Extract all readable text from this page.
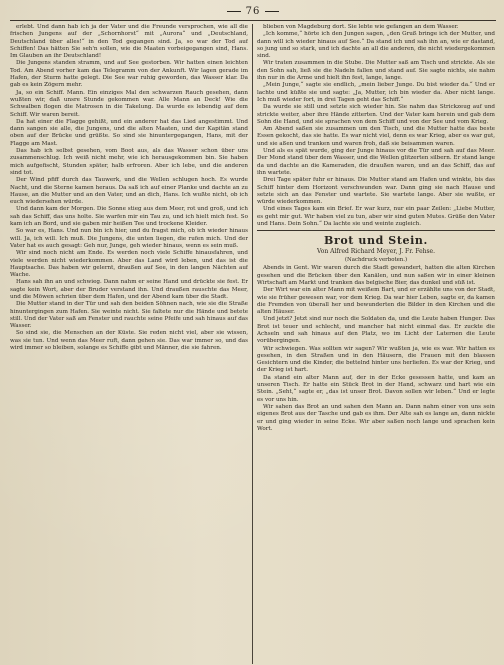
76

erlebt. Und dann hab ich ja der Vater und die Freunde versprochen, wie all die frischen Jungens auf der „Schornhorst“ mit „Aurora“ und „Deutschland, Deutschland über alles!“ in den Tod gegangen sind. Ja, so war der Tod auf Schiffen! Das hätten Sie seh'n sollen, wie die Maaten vorbeigegangen sind, Hans. Im Glauben an ihr Deutschland!

Die Jungens standen stramm, und auf See gestorben. Wir hatten einen leichten Tod. Am Abend vorher kam das Telegramm von der Ankunft. Wir lagen gerade im Hafen, der Sturm hatte gelegt. Die See war ruhig geworden, das Wasser klar. Da gab es kein Zögern mehr.

Ja, so ein Schiff. Mann. Ein einziges Mal den schwarzen Rauch gesehen, dann wußten wir, daß unsre Stunde gekommen war. Alle Mann an Deck! Wie die Schwalben flogen die Matrosen in die Takelung. Da wurde es lebendig auf dem Schiff. Wir waren bereit.

Da hat einer die Flagge gehißt, und ein anderer hat das Lied angestimmt. Und dann sangen sie alle, die Jungens, und die alten Maaten, und der Kapitän stand oben auf der Brücke und grüßte. So sind sie hinuntergegangen, Hans, mit der Flagge am Mast.

Das hab ich selbst gesehen, vom Boot aus, als das Wasser schon über uns zusammenschlug. Ich weiß nicht mehr, wie ich herausgekommen bin. Sie haben mich aufgefischt, Stunden später, halb erfroren. Aber ich lebe, und die anderen sind tot.

Der Wind pfiff durch das Tauwerk, und die Wellen schlugen hoch. Es wurde Nacht, und die Sterne kamen heraus. Da saß ich auf einer Planke und dachte an zu Hause, an die Mutter und an den Vater, und an dich, Hans. Ich wußte nicht, ob ich euch wiedersehen würde.

Und dann kam der Morgen. Die Sonne stieg aus dem Meer, rot und groß, und ich sah das Schiff, das uns holte. Sie warfen mir ein Tau zu, und ich hielt mich fest. So kam ich an Bord, und sie gaben mir heißen Tee und trockene Kleider.

So war es, Hans. Und nun bin ich hier, und du fragst mich, ob ich wieder hinaus will. Ja, ich will. Ich muß. Die Jungens, die unten liegen, die rufen mich. Und der Vater hat es auch gesagt: Geh nur, Junge, geh wieder hinaus, wenn es sein muß.

Wir sind noch nicht am Ende. Es werden noch viele Schiffe hinausfahren, und viele werden nicht wiederkommen. Aber das Land wird leben, und das ist die Hauptsache. Das haben wir gelernt, draußen auf See, in den langen Nächten auf Wache.

Hans sah ihn an und schwieg. Dann nahm er seine Hand und drückte sie fest. Er sagte kein Wort, aber der Bruder verstand ihn. Und draußen rauschte das Meer, und die Möwen schrien über dem Hafen, und der Abend kam über die Stadt.

Die Mutter stand in der Tür und sah den beiden Söhnen nach, wie sie die Straße hinuntergingen zum Hafen. Sie weinte nicht. Sie faltete nur die Hände und betete still. Und der Vater saß am Fenster und rauchte seine Pfeife und sah hinaus auf das Wasser.

So sind sie, die Menschen an der Küste. Sie reden nicht viel, aber sie wissen, was sie tun. Und wenn das Meer ruft, dann gehen sie. Das war immer so, und das wird immer so bleiben, solange es Schiffe gibt und Männer, die sie fahren.

blieben von Magdeburg dort. Sie lebte wie gefangen an dem Wasser.

„Ich komme,“ hörte ich den Jungen sagen, „den Gruß bringe ich der Mutter, und dann will ich wieder hinaus auf See.“ Da stand ich und sah ihn an, wie er dastand, so jung und so stark, und ich dachte an all die anderen, die nicht wiedergekommen sind.

Wir traten zusammen in die Stube. Die Mutter saß am Tisch und strickte. Als sie den Sohn sah, ließ sie die Nadeln fallen und stand auf. Sie sagte nichts, sie nahm ihn nur in die Arme und hielt ihn fest, lange, lange.

„Mein Junge,“ sagte sie endlich, „mein lieber Junge. Du bist wieder da.“ Und er lachte und küßte sie und sagte: „Ja, Mutter, ich bin wieder da. Aber nicht lange. Ich muß wieder fort, in drei Tagen geht das Schiff.“

Da wurde sie still und setzte sich wieder hin. Sie nahm das Strickzeug auf und strickte weiter, aber ihre Hände zitterten. Und der Vater kam herein und gab dem Sohn die Hand, und sie sprachen von dem Schiff und von der See und vom Krieg.

Am Abend saßen sie zusammen um den Tisch, und die Mutter hatte das beste Essen gekocht, das sie hatte. Es war nicht viel, denn es war Krieg, aber es war gut, und sie aßen und tranken und waren froh, daß sie beisammen waren.

Und als es spät wurde, ging der Junge hinaus vor die Tür und sah auf das Meer. Der Mond stand über dem Wasser, und die Wellen glitzerten silbern. Er stand lange da und dachte an die Kameraden, die draußen waren, und an das Schiff, das auf ihn wartete.

Drei Tage später fuhr er hinaus. Die Mutter stand am Hafen und winkte, bis das Schiff hinter dem Horizont verschwunden war. Dann ging sie nach Hause und setzte sich an das Fenster und wartete. Sie wartete lange. Aber sie wußte, er würde wiederkommen.

Und eines Tages kam ein Brief. Er war kurz, nur ein paar Zeilen: „Liebe Mutter, es geht mir gut. Wir haben viel zu tun, aber wir sind guten Mutes. Grüße den Vater und Hans. Dein Sohn.“ Da lachte sie und weinte zugleich.

Brot und Stein.
Von Alfred Richard Meyer, J. Fr. Fehse.
(Nachdruck verboten.)

Abends in Gent. Wir waren durch die Stadt gewandert, hatten die alten Kirchen gesehen und die Brücken über den Kanälen, und nun saßen wir in einer kleinen Wirtschaft am Markt und tranken das belgische Bier, das dunkel und süß ist.

Der Wirt war ein alter Mann mit weißem Bart, und er erzählte uns von der Stadt, wie sie früher gewesen war, vor dem Krieg. Da war hier Leben, sagte er, da kamen die Fremden von überall her und bewunderten die Bilder in den Kirchen und die alten Häuser.

Und jetzt? Jetzt sind nur noch die Soldaten da, und die Leute haben Hunger. Das Brot ist teuer und schlecht, und mancher hat nicht einmal das. Er zuckte die Achseln und sah hinaus auf den Platz, wo im Licht der Laternen die Leute vorübergingen.

Wir schwiegen. Was sollten wir sagen? Wir wußten ja, wie es war. Wir hatten es gesehen, in den Straßen und in den Häusern, die Frauen mit den blassen Gesichtern und die Kinder, die bettelnd hinter uns herliefen. Es war der Krieg, und der Krieg ist hart.

Da stand ein alter Mann auf, der in der Ecke gesessen hatte, und kam an unseren Tisch. Er hatte ein Stück Brot in der Hand, schwarz und hart wie ein Stein. „Seht,“ sagte er, „das ist unser Brot. Davon sollen wir leben.“ Und er legte es vor uns hin.

Wir sahen das Brot an und sahen den Mann an. Dann nahm einer von uns sein eigenes Brot aus der Tasche und gab es ihm. Der Alte sah es lange an, dann nickte er und ging wieder in seine Ecke. Wir aber saßen noch lange und sprachen kein Wort.
